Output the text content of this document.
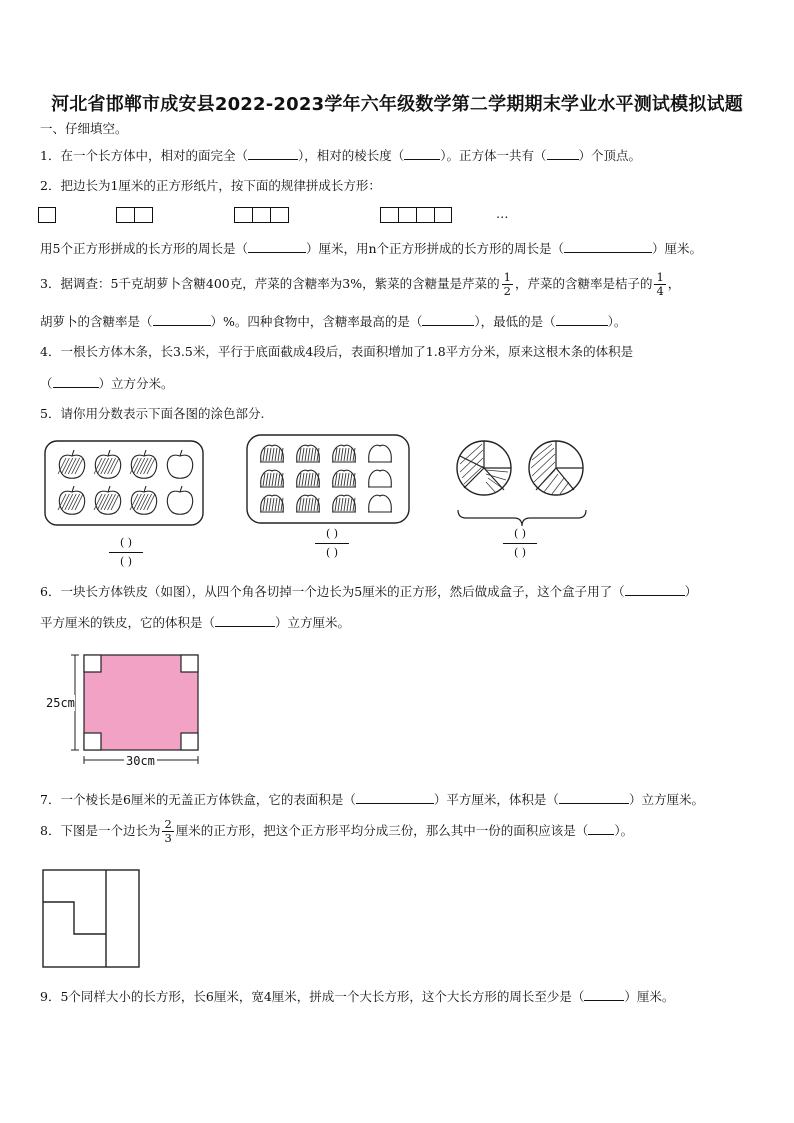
河北省邯郸市成安县2022-2023学年六年级数学第二学期期末学业水平测试模拟试题
一、仔细填空。
1．在一个长方体中，相对的面完全（	），相对的棱长度（	）。正方体一共有（	）个顶点。
2．把边长为1厘米的正方形纸片，按下面的规律拼成长方形：
…
用5个正方形拼成的长方形的周长是（	）厘米，用n个正方形拼成的长方形的周长是（	）厘米。
3．据调查：5千克胡萝卜含糖400克，芹菜的含糖率为3%，紫菜的含糖量是芹菜的 $\frac{1}{2}$ ，芹菜的含糖率是桔子的 $\frac{1}{4}$ ，
胡萝卜的含糖率是（	）%。四种食物中，含糖率最高的是（	），最低的是（	）。
4．一根长方体木条，长3.5米，平行于底面截成4段后，表面积增加了1.8平方分米，原来这根木条的体积是
（	）立方分米。
5．请你用分数表示下面各图的涂色部分.
( )
( )
( )
( )
( )
( )
6．一块长方体铁皮（如图），从四个角各切掉一个边长为5厘米的正方形，然后做成盒子，这个盒子用了（	）
平方厘米的铁皮，它的体积是（	）立方厘米。
25cm
30cm
7．一个棱长是6厘米的无盖正方体铁盒，它的表面积是（	）平方厘米，体积是（	）立方厘米。
8．下图是一个边长为 $\frac{2}{3}$ 厘米的正方形，把这个正方形平均分成三份，那么其中一份的面积应该是（ ）。
9．5个同样大小的长方形，长6厘米，宽4厘米，拼成一个大长方形，这个大长方形的周长至少是（	）厘米。
